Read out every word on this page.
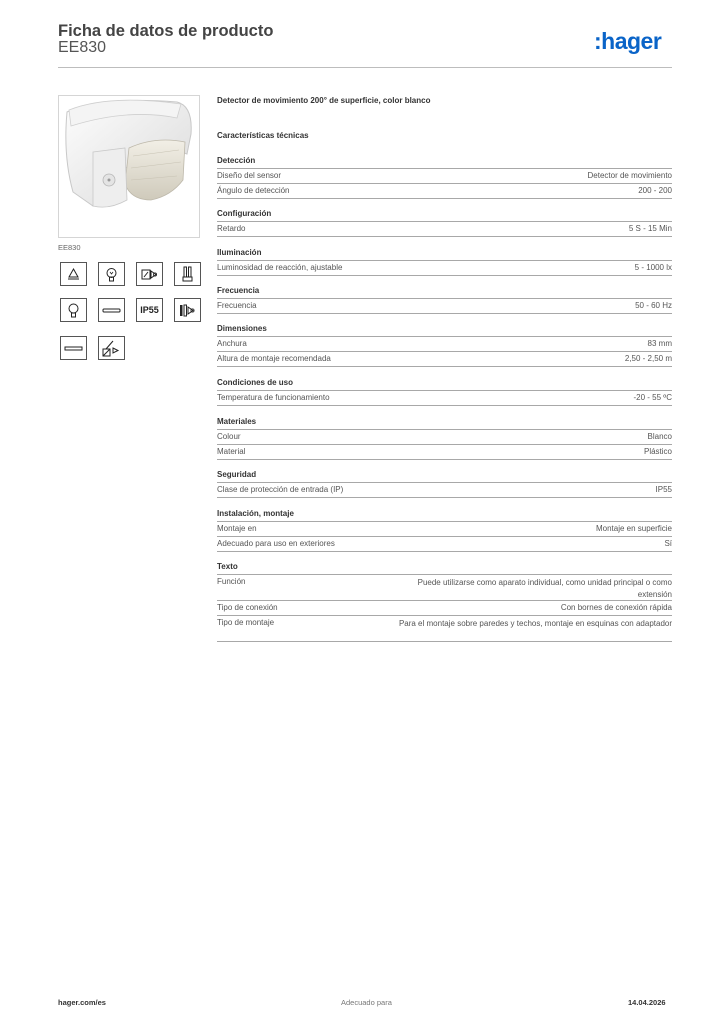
Ficha de datos de producto
EE830	:hager
EE830
IP55
Detector de movimiento 200° de superficie, color blanco
Características técnicas
Detección
Diseño del sensor	Detector de movimiento
Ángulo de detección	200 - 200
Configuración
Retardo	5 S - 15 Min
Iluminación
Luminosidad de reacción, ajustable	5 - 1000 lx
Frecuencia
Frecuencia	50 - 60 Hz
Dimensiones
Anchura	83 mm
Altura de montaje recomendada	2,50 - 2,50 m
Condiciones de uso
Temperatura de funcionamiento	-20 - 55 ºC
Materiales
Colour	Blanco
Material	Plástico
Seguridad
Clase de protección de entrada (IP)	IP55
Instalación, montaje
Montaje en	Montaje en superficie
Adecuado para uso en exteriores	Sí
Texto
Función	Puede utilizarse como aparato individual, como unidad principal o como extensión
Tipo de conexión	Con bornes de conexión rápida
Tipo de montaje	Para el montaje sobre paredes y techos, montaje en esquinas con adaptador
hager.com/es	Adecuado para	14.04.2026
